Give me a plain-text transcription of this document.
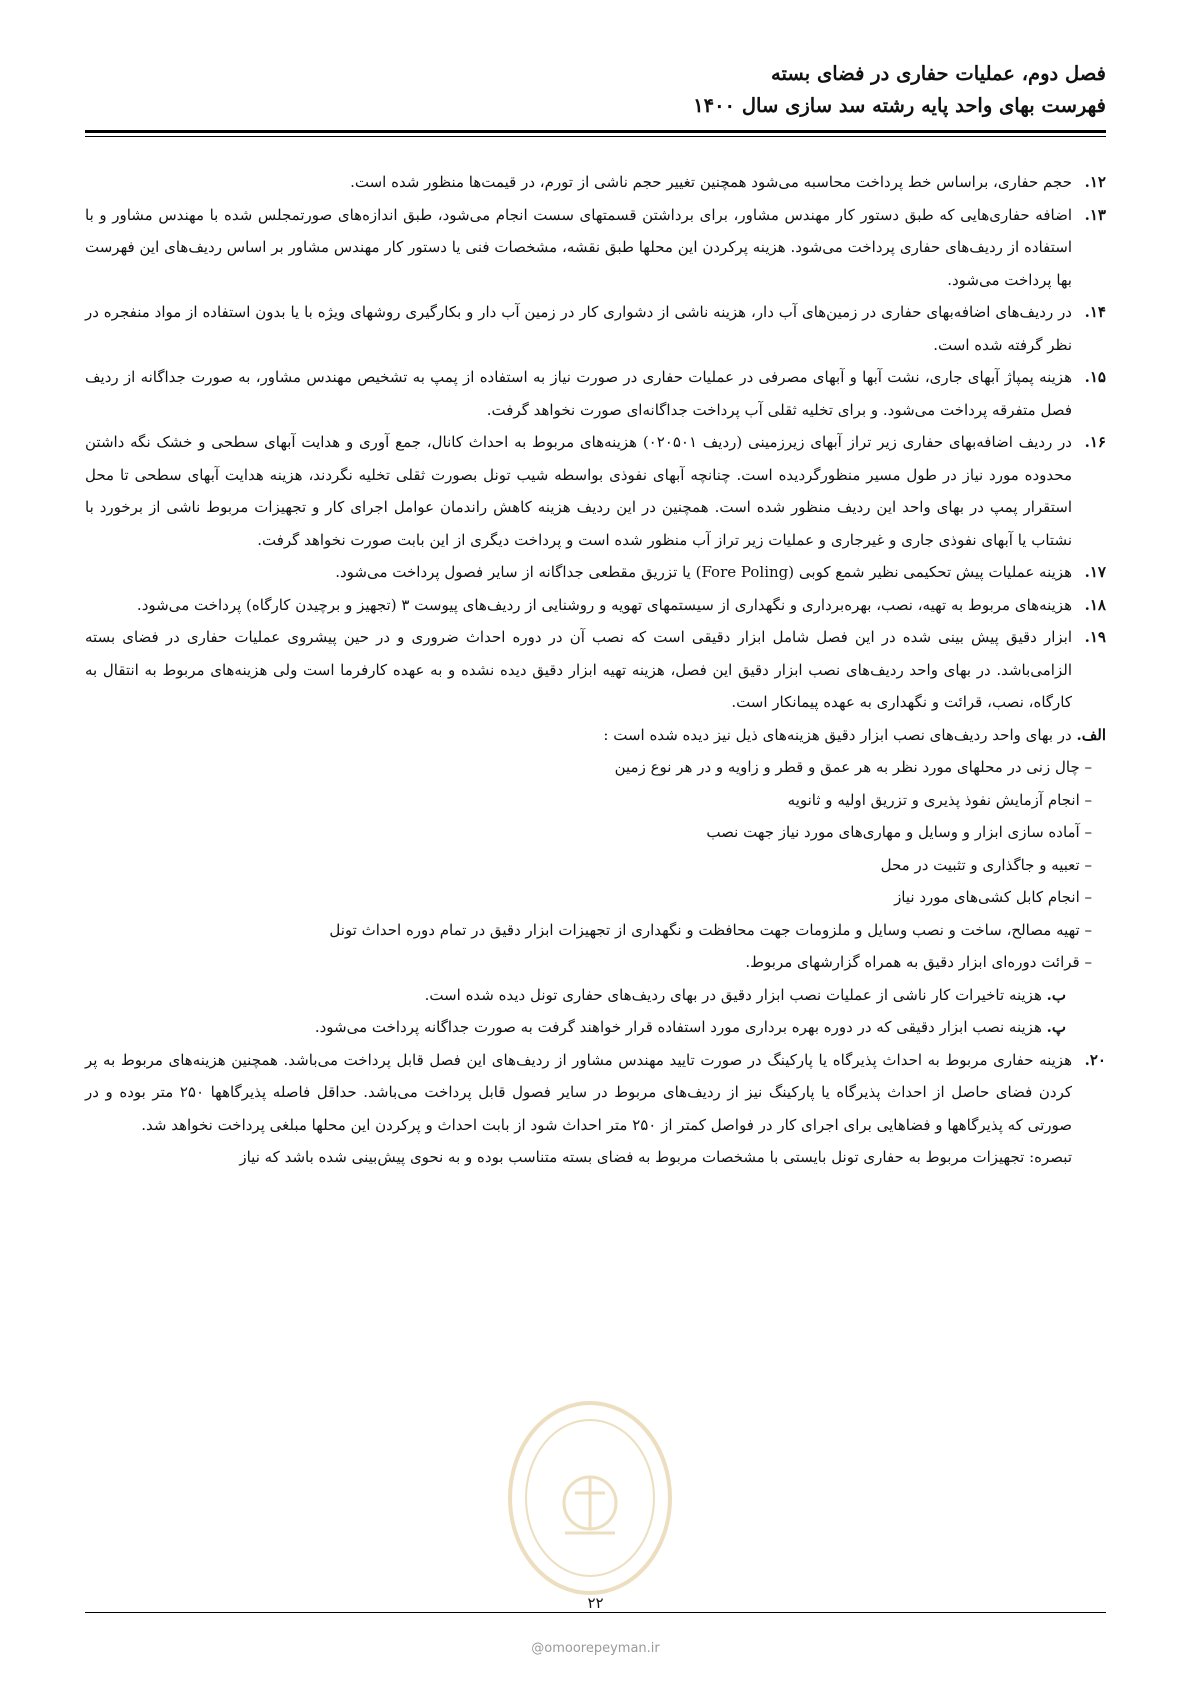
فصل دوم، عملیات حفاری در فضای بسته
فهرست بهای واحد پایه رشته سد سازی سال ۱۴۰۰
۱۲.
حجم حفاری، براساس خط پرداخت محاسبه می‌شود همچنین تغییر حجم ناشی از تورم، در قیمت‌ها منظور شده است.
۱۳.
اضافه حفاری‌هایی که طبق دستور کار مهندس مشاور، برای برداشتن قسمتهای سست انجام می‌شود، طبق اندازه‌های صورتمجلس شده با مهندس مشاور و با استفاده از ردیف‌های حفاری پرداخت می‌شود. هزینه پرکردن این محلها طبق نقشه، مشخصات فنی یا دستور کار مهندس مشاور بر اساس ردیف‌های این فهرست بها پرداخت می‌شود.
۱۴.
در ردیف‌های اضافه‌بهای حفاری در زمین‌های آب دار، هزینه ناشی از دشواری کار در زمین آب دار و بکارگیری روشهای ویژه با یا بدون استفاده از مواد منفجره در نظر گرفته شده است.
۱۵.
هزینه پمپاژ آبهای جاری، نشت آبها و آبهای مصرفی در عملیات حفاری در صورت نیاز به استفاده از پمپ به تشخیص مهندس مشاور، به صورت جداگانه از ردیف فصل متفرقه پرداخت می‌شود. و برای تخلیه ثقلی آب پرداخت جداگانه‌ای صورت نخواهد گرفت.
۱۶.
در ردیف اضافه‌بهای حفاری زیر تراز آبهای زیرزمینی (ردیف ۰۲۰۵۰۱) هزینه‌های مربوط به احداث کانال، جمع آوری و هدایت آبهای سطحی و خشک نگه داشتن محدوده مورد نیاز در طول مسیر منظورگردیده است. چنانچه آبهای نفوذی بواسطه شیب تونل بصورت ثقلی تخلیه نگردند، هزینه هدایت آبهای سطحی تا محل استقرار پمپ در بهای واحد این ردیف منظور شده است. همچنین در این ردیف هزینه کاهش راندمان عوامل اجرای کار و تجهیزات مربوط ناشی از برخورد با نشتاب یا آبهای نفوذی جاری و غیرجاری و عملیات زیر تراز آب منظور شده است و پرداخت دیگری از این بابت صورت نخواهد گرفت.
۱۷.
هزینه عملیات پیش تحکیمی نظیر شمع کوبی (Fore Poling) یا تزریق مقطعی جداگانه از سایر فصول پرداخت می‌شود.
۱۸.
هزینه‌های مربوط به تهیه، نصب، بهره‌برداری و نگهداری از سیستمهای تهویه و روشنایی از ردیف‌های پیوست ۳ (تجهیز و برچیدن کارگاه) پرداخت می‌شود.
۱۹.
ابزار دقیق پیش بینی شده در این فصل شامل ابزار دقیقی است که نصب آن در دوره احداث ضروری و در حین پیشروی عملیات حفاری در فضای بسته الزامی‌باشد. در بهای واحد ردیف‌های نصب ابزار دقیق این فصل، هزینه تهیه ابزار دقیق دیده نشده و به عهده کارفرما است ولی هزینه‌های مربوط به انتقال به کارگاه، نصب، قرائت و نگهداری به عهده پیمانکار است.
الف. در بهای واحد ردیف‌های نصب ابزار دقیق هزینه‌های ذیل نیز دیده شده است :
– چال زنی در محلهای مورد نظر به هر عمق و قطر و زاویه و در هر نوع زمین
– انجام آزمایش نفوذ پذیری و تزریق اولیه و ثانویه
– آماده سازی ابزار و وسایل و مهاری‌های مورد نیاز جهت نصب
– تعبیه و جاگذاری و تثبیت در محل
– انجام کابل کشی‌های مورد نیاز
– تهیه مصالح، ساخت و نصب وسایل و ملزومات جهت محافظت و نگهداری از تجهیزات ابزار دقیق در تمام دوره احداث تونل
– قرائت دوره‌ای ابزار دقیق به همراه گزارشهای مربوط.
ب. هزینه تاخیرات کار ناشی از عملیات نصب ابزار دقیق در بهای ردیف‌های حفاری تونل دیده شده است.
پ. هزینه نصب ابزار دقیقی که در دوره بهره برداری مورد استفاده قرار خواهند گرفت به صورت جداگانه پرداخت می‌شود.
۲۰.
هزینه حفاری مربوط به احداث پذیرگاه یا پارکینگ در صورت تایید مهندس مشاور از ردیف‌های این فصل قابل پرداخت می‌باشد. همچنین هزینه‌های مربوط به پر کردن فضای حاصل از احداث پذیرگاه یا پارکینگ نیز از ردیف‌های مربوط در سایر فصول قابل پرداخت می‌باشد. حداقل فاصله پذیرگاهها ۲۵۰ متر بوده و در صورتی که پذیرگاهها و فضاهایی برای اجرای کار در فواصل کمتر از ۲۵۰ متر احداث شود از بابت احداث و پرکردن این محلها مبلغی پرداخت نخواهد شد.
تبصره: تجهیزات مربوط به حفاری تونل بایستی با مشخصات مربوط به فضای بسته متناسب بوده و به نحوی پیش‌بینی شده باشد که نیاز
۲۲
@omoorepeyman.ir
